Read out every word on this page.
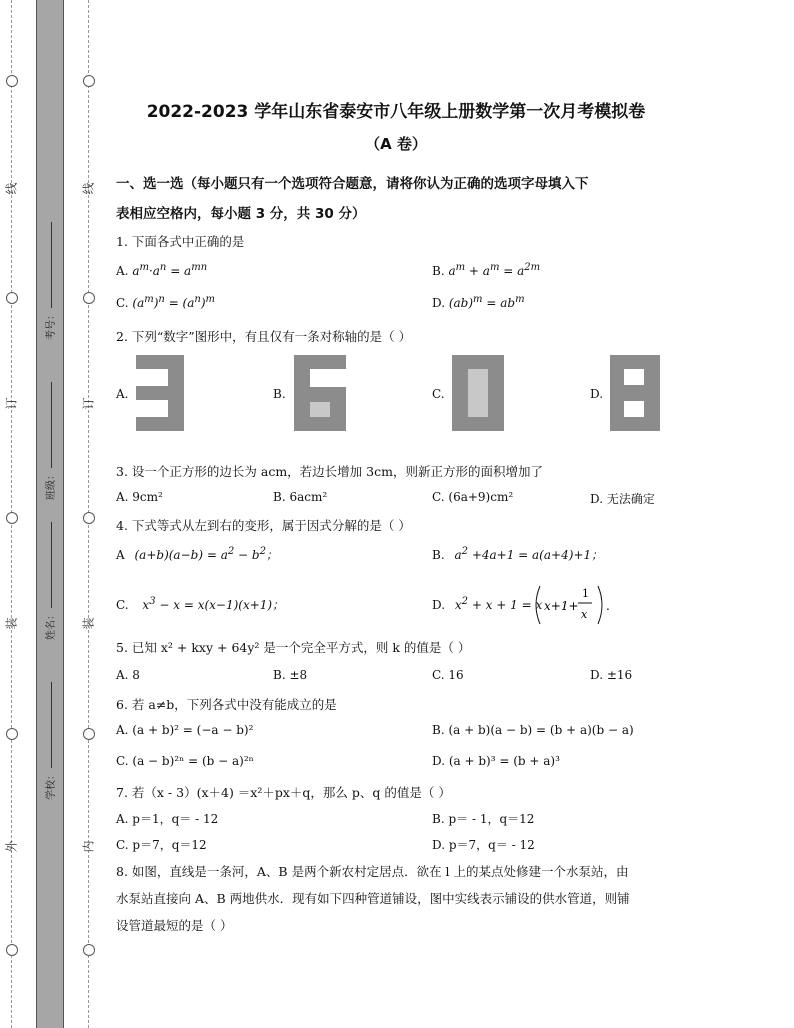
线
订
装
外
线
订
装
内
考号：
班级：
姓名：
学校：
2022-2023 学年山东省泰安市八年级上册数学第一次月考模拟卷
（A 卷）
一、选一选（每小题只有一个选项符合题意，请将你认为正确的选项字母填入下
表相应空格内，每小题 3 分，共 30 分）
1. 下面各式中正确的是
A. $a^m\cdot a^n = a^{mn}$	B. $a^m + a^m = a^{2m}$
C. $(a^m)^n = (a^n)^m$	D. $(ab)^m = ab^m$
2. 下列“数字”图形中，有且仅有一条对称轴的是（ ）
A.	B.	C.	D.
3. 设一个正方形的边长为 acm，若边长增加 3cm，则新正方形的面积增加了
A. 9cm²	B. 6acm²	C. (6a+9)cm²	D. 无法确定
4. 下式等式从左到右的变形，属于因式分解的是（ ）
A $(a+b)(a-b) = a^2 - b^2$；	B. $a^2 +4a+1 = a(a+4)+1$；
C. $x^3 - x = x(x-1)(x+1)$；	D. $x^2 + x + 1 = x$ x+1+
1
x
.
5. 已知 x² + kxy + 64y² 是一个完全平方式，则 k 的值是（ ）
A. 8	B. ±8	C. 16	D. ±16
6. 若 a≠b，下列各式中没有能成立的是
A. (a + b)² = (−a − b)²	B. (a + b)(a − b) = (b + a)(b − a)
C. (a − b)²ⁿ = (b − a)²ⁿ	D. (a + b)³ = (b + a)³
7. 若（x - 3）(x＋4) ＝x²＋px＋q，那么 p、q 的值是（ ）
A. p＝1，q＝ - 12	B. p＝ - 1，q＝12
C. p＝7，q＝12	D. p＝7，q＝ - 12
8. 如图，直线是一条河，A、B 是两个新农村定居点．欲在 l 上的某点处修建一个水泵站，由
水泵站直接向 A、B 两地供水．现有如下四种管道铺设，图中实线表示铺设的供水管道，则铺
设管道最短的是（ ）
